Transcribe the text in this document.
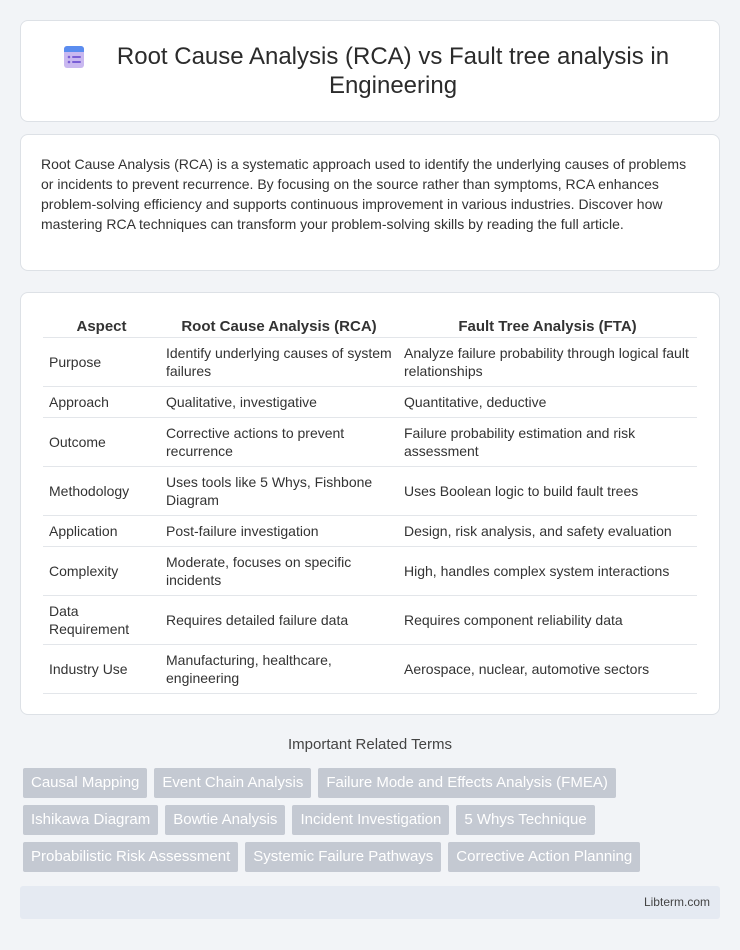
Root Cause Analysis (RCA) vs Fault tree analysis in Engineering

Root Cause Analysis (RCA) is a systematic approach used to identify the underlying causes of problems or incidents to prevent recurrence. By focusing on the source rather than symptoms, RCA enhances problem-solving efficiency and supports continuous improvement in various industries. Discover how mastering RCA techniques can transform your problem-solving skills by reading the full article.

Aspect	Root Cause Analysis (RCA)	Fault Tree Analysis (FTA)
Purpose	Identify underlying causes of system failures	Analyze failure probability through logical fault relationships
Approach	Qualitative, investigative	Quantitative, deductive
Outcome	Corrective actions to prevent recurrence	Failure probability estimation and risk assessment
Methodology	Uses tools like 5 Whys, Fishbone Diagram	Uses Boolean logic to build fault trees
Application	Post-failure investigation	Design, risk analysis, and safety evaluation
Complexity	Moderate, focuses on specific incidents	High, handles complex system interactions
Data Requirement	Requires detailed failure data	Requires component reliability data
Industry Use	Manufacturing, healthcare, engineering	Aerospace, nuclear, automotive sectors
Important Related Terms
Causal Mapping	Event Chain Analysis	Failure Mode and Effects Analysis (FMEA)
Ishikawa Diagram	Bowtie Analysis	Incident Investigation	5 Whys Technique
Probabilistic Risk Assessment	Systemic Failure Pathways	Corrective Action Planning
Libterm.com
